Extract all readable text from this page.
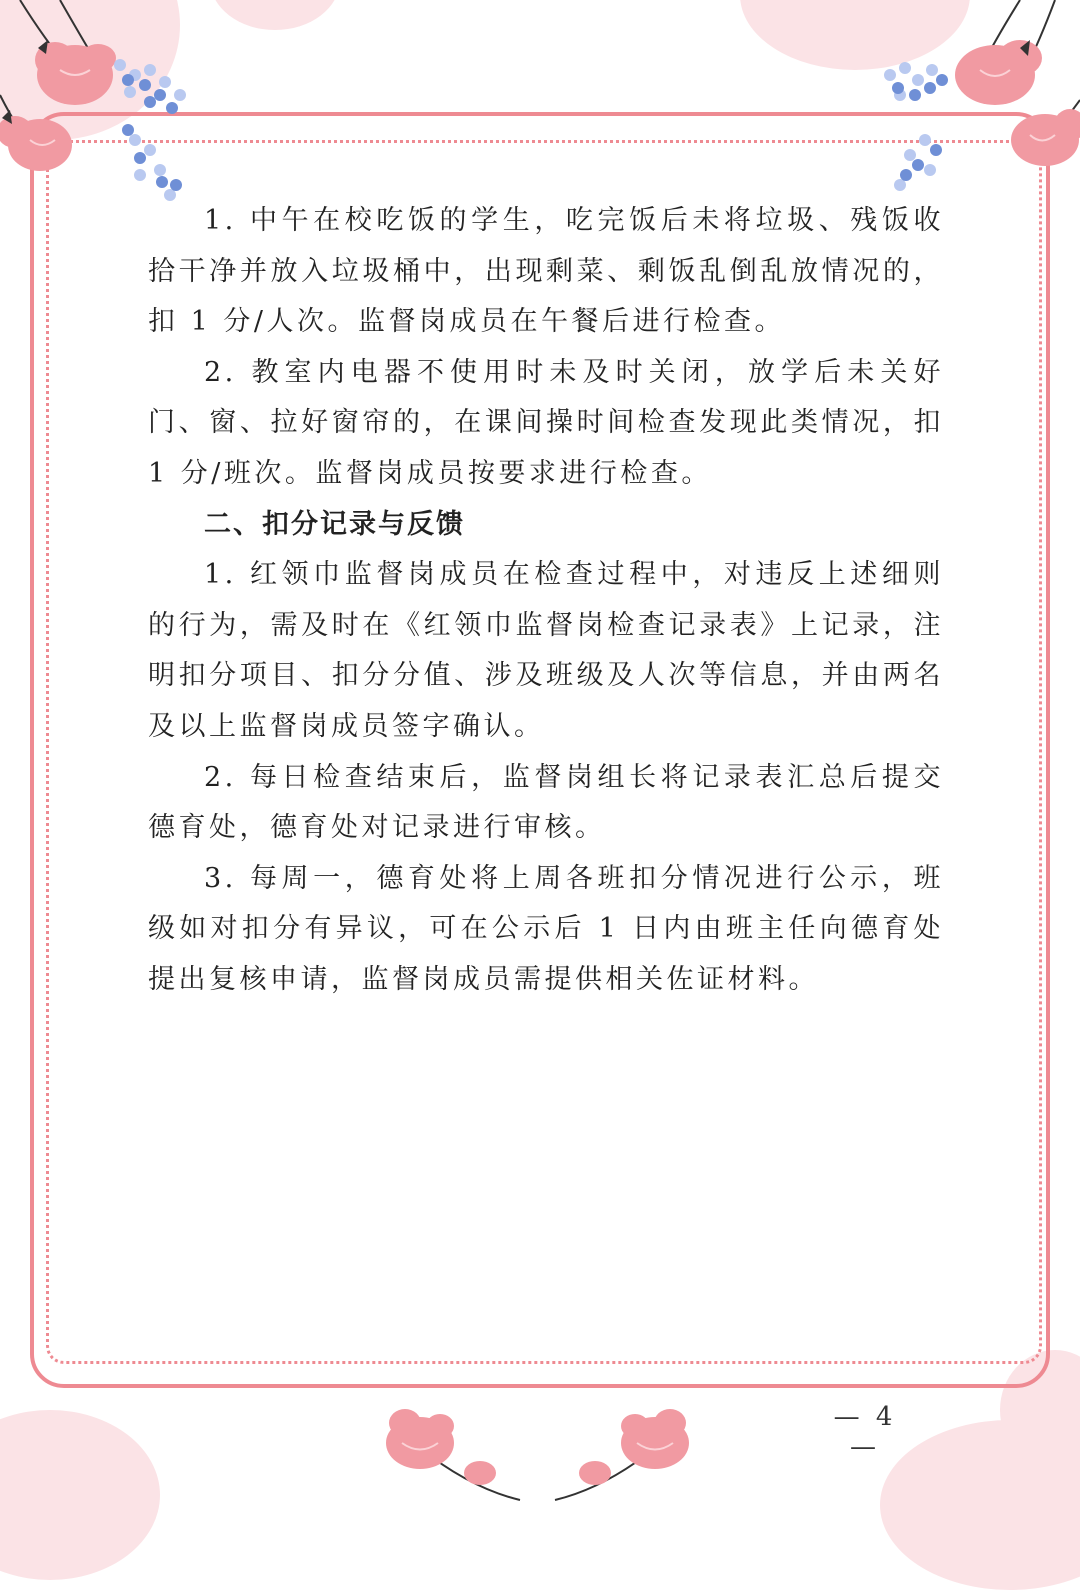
1. 中午在校吃饭的学生，吃完饭后未将垃圾、残饭收拾干净并放入垃圾桶中，出现剩菜、剩饭乱倒乱放情况的，扣 1 分/人次。监督岗成员在午餐后进行检查。

2. 教室内电器不使用时未及时关闭，放学后未关好门、窗、拉好窗帘的，在课间操时间检查发现此类情况，扣 1 分/班次。监督岗成员按要求进行检查。

二、扣分记录与反馈

1. 红领巾监督岗成员在检查过程中，对违反上述细则的行为，需及时在《红领巾监督岗检查记录表》上记录，注明扣分项目、扣分分值、涉及班级及人次等信息，并由两名及以上监督岗成员签字确认。

2. 每日检查结束后，监督岗组长将记录表汇总后提交德育处，德育处对记录进行审核。

3. 每周一，德育处将上周各班扣分情况进行公示，班级如对扣分有异议，可在公示后 1 日内由班主任向德育处提出复核申请，监督岗成员需提供相关佐证材料。

— 4 —
